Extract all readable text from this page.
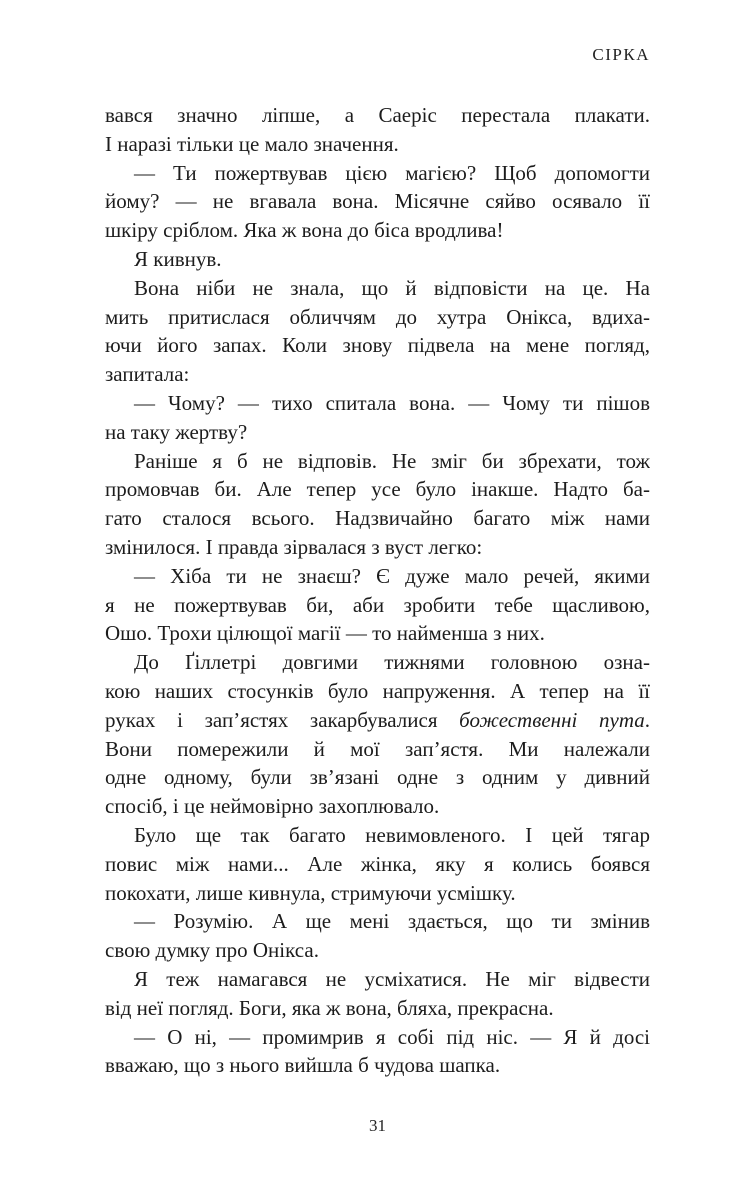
СІРКА
вався значно ліпше, а Саеріс перестала плакати.
І наразі тільки це мало значення.
— Ти пожертвував цією магією? Щоб допомогти
йому? — не вгавала вона. Місячне сяйво осявало її
шкіру сріблом. Яка ж вона до біса вродлива!
Я кивнув.
Вона ніби не знала, що й відповісти на це. На
мить притислася обличчям до хутра Онікса, вдиха-
ючи його запах. Коли знову підвела на мене погляд,
запитала:
— Чому? — тихо спитала вона. — Чому ти пішов
на таку жертву?
Раніше я б не відповів. Не зміг би збрехати, тож
промовчав би. Але тепер усе було інакше. Надто ба-
гато сталося всього. Надзвичайно багато між нами
змінилося. І правда зірвалася з вуст легко:
— Хіба ти не знаєш? Є дуже мало речей, якими
я не пожертвував би, аби зробити тебе щасливою,
Ошо. Трохи цілющої магії — то найменша з них.
До Ґіллетрі довгими тижнями головною озна-
кою наших стосунків було напруження. А тепер на її
руках і зап’ястях закарбувалися божественні пута.
Вони помережили й мої зап’ястя. Ми належали
одне одному, були зв’язані одне з одним у дивний
спосіб, і це неймовірно захоплювало.
Було ще так багато невимовленого. І цей тягар
повис між нами... Але жінка, яку я колись боявся
покохати, лише кивнула, стримуючи усмішку.
— Розумію. А ще мені здається, що ти змінив
свою думку про Онікса.
Я теж намагався не усміхатися. Не міг відвести
від неї погляд. Боги, яка ж вона, бляха, прекрасна.
— О ні, — промимрив я собі під ніс. — Я й досі
вважаю, що з нього вийшла б чудова шапка.
31
